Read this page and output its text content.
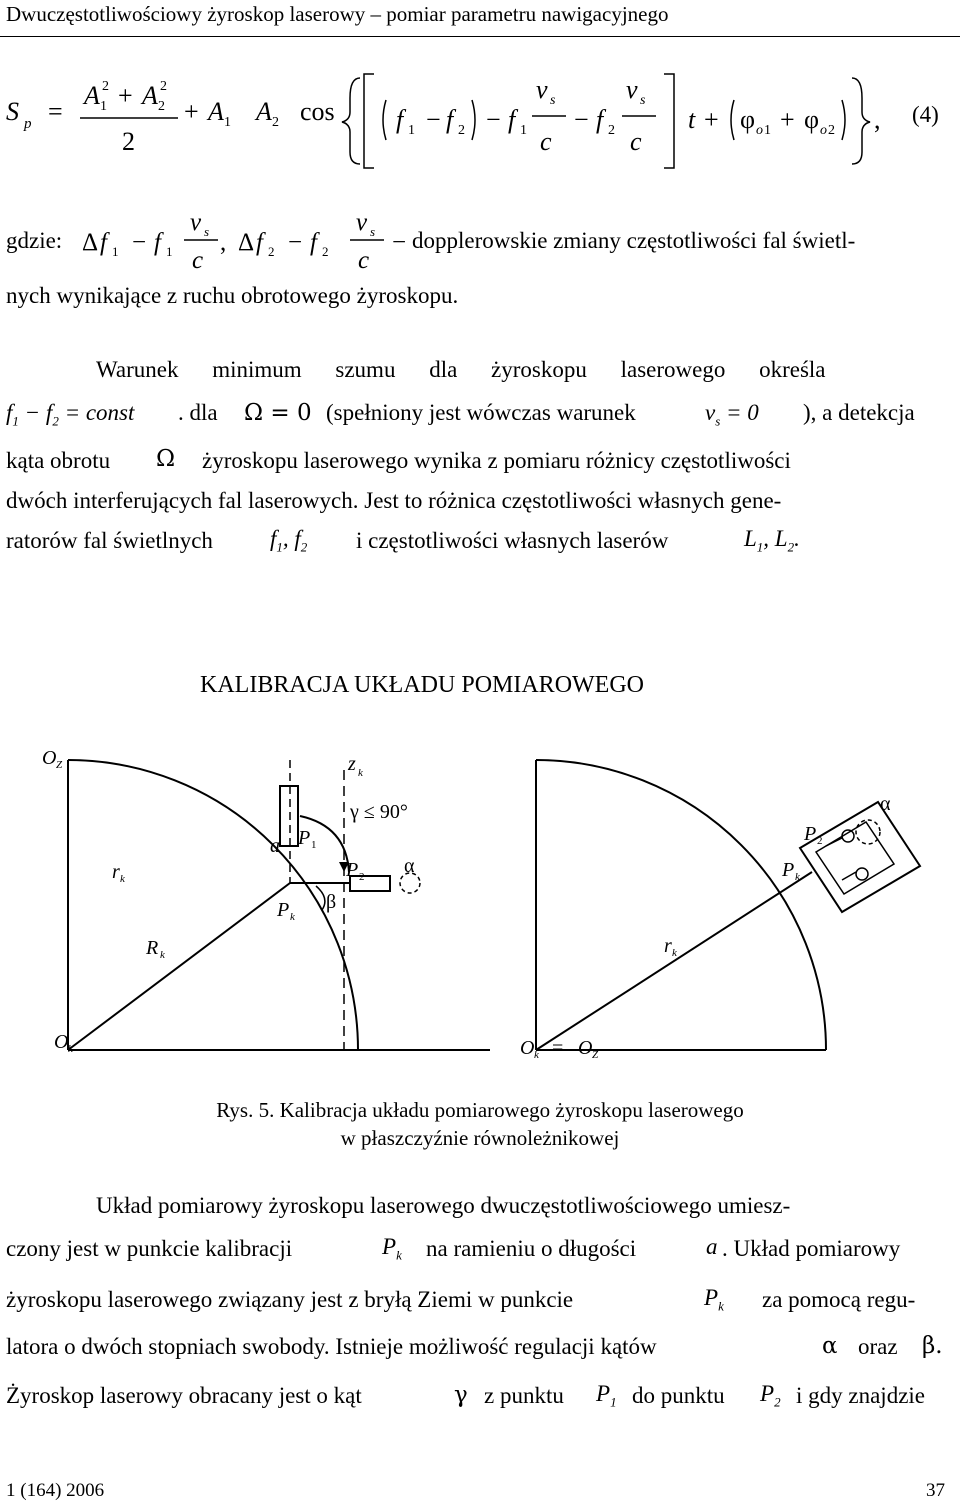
Dwuczęstotliwościowy żyroskop laserowy – pomiar parametru nawigacyjnego
S p =
A 1
2 + A 2
2
2
+ A 1 A 2 cos f 1 − f 2 − f 1
v s
c
− f 2
v s
c
t + φ o 1 + φ o 2 , (4)
gdzie: Δ f 1 − f 1
v s
c
, Δ f 2 − f 2
v s
c
− dopplerowskie zmiany częstotliwości fal świetl-
nych wynikające z ruchu obrotowego żyroskopu.
Warunek minimum szumu dla żyroskopu laserowego określa
$f_1 - f_2$ = const . dla Ω = 0 (spełniony jest wówczas warunek	$v_s = 0$ ), a detekcja
kąta obrotu Ω żyroskopu laserowego wynika z pomiaru różnicy częstotliwości
dwóch interferujących fal laserowych. Jest to różnica częstotliwości własnych gene-
ratorów fal świetlnych $f_1$, $f_2$ i częstotliwości własnych laserów	$L_1$, $L_2$.
KALIBRACJA UKŁADU POMIAROWEGO
O Z	z k
r k
a P 1
P 2
P k
β
α
R k
O k
γ ≤ 90°
P k
P 2
α
r k
O k = O Z
Rys. 5. Kalibracja układu pomiarowego żyroskopu laserowego
w płaszczyźnie równoleżnikowej
Układ pomiarowy żyroskopu laserowego dwuczęstotliwościowego umiesz-
czony jest w punkcie kalibracji	$P_k$ na ramieniu o długości	a . Układ pomiarowy
żyroskopu laserowego związany jest z bryłą Ziemi w punkcie	$P_k$ za pomocą regu-
latora o dwóch stopniach swobody. Istnieje możliwość regulacji kątów	α oraz β.
Żyroskop laserowy obracany jest o kąt	γ z punktu $P_1$ do punktu $P_2$ i gdy znajdzie
1 (164) 2006	37
